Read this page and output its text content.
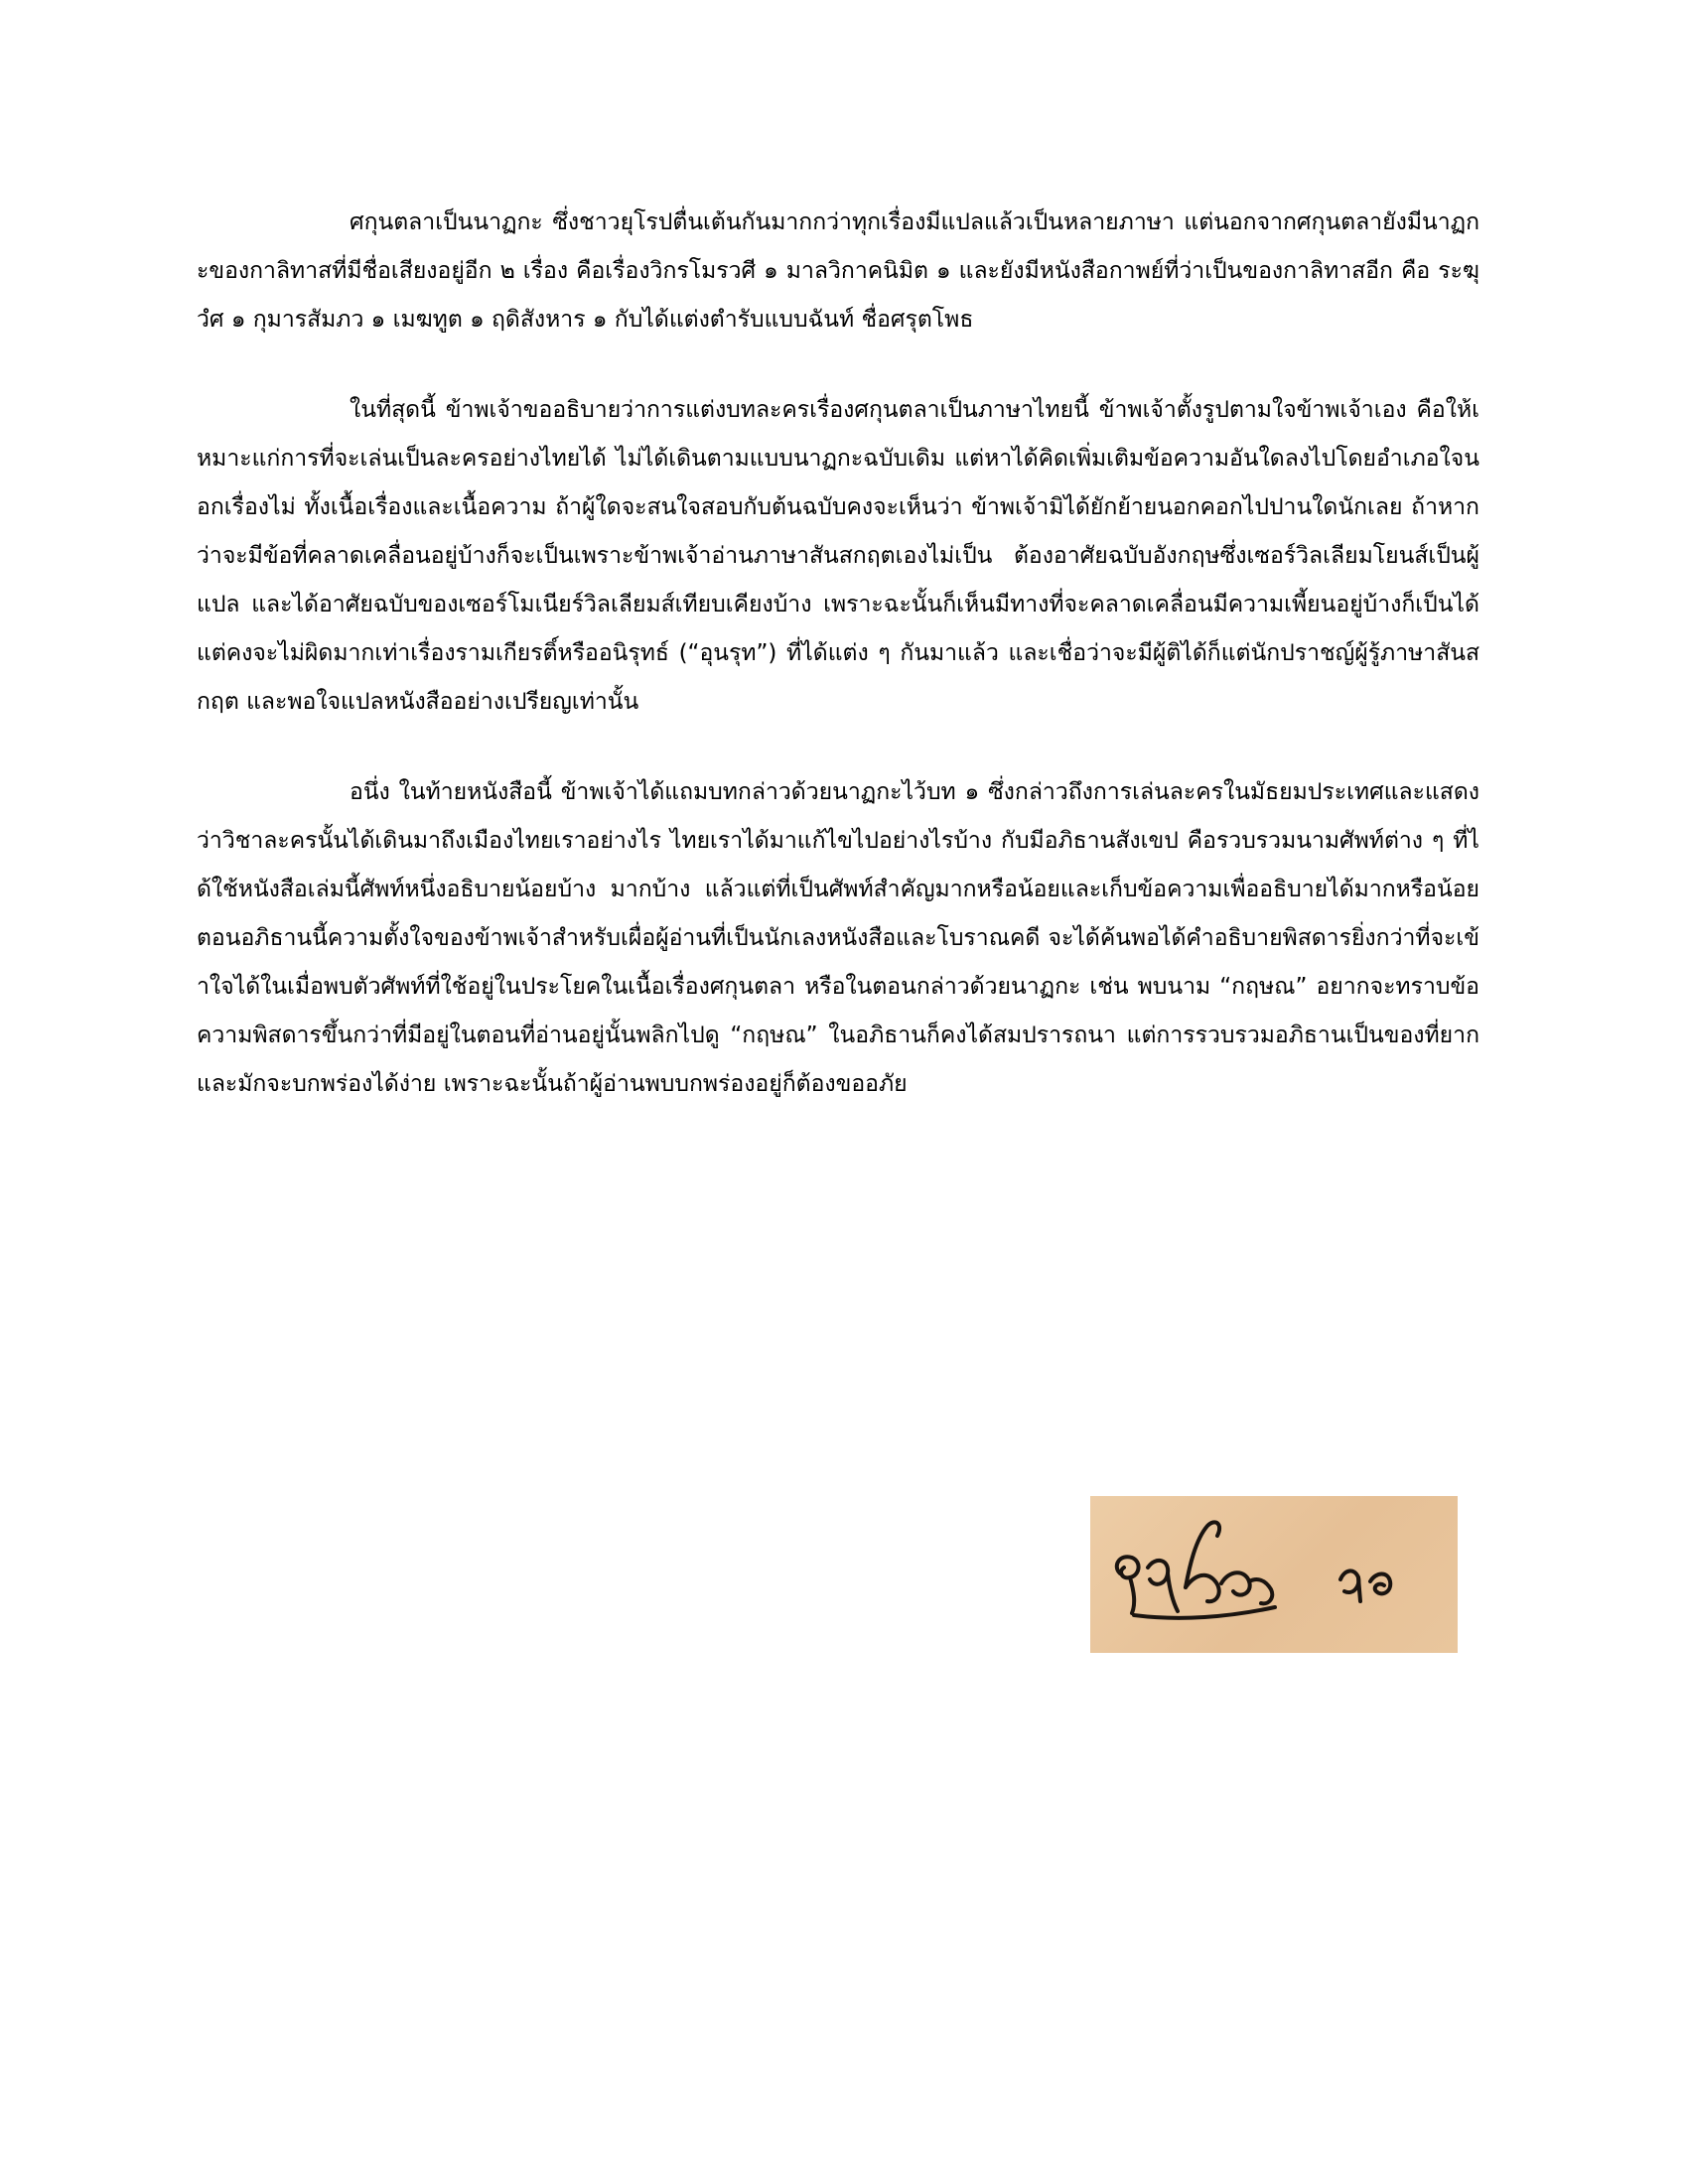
ศกุนตลาเป็นนาฏกะ ซึ่งชาวยุโรปตื่นเต้นกันมากกว่าทุกเรื่องมีแปลแล้วเป็นหลายภาษา แต่นอกจากศกุนตลายังมีนาฏกะของกาลิทาสที่มีชื่อเสียงอยู่อีก ๒ เรื่อง คือเรื่องวิกรโมรวศี ๑ มาลวิกาคนิมิต ๑ และยังมีหนังสือกาพย์ที่ว่าเป็นของกาลิทาสอีก คือ ระฆุวํศ ๑ กุมารสัมภว ๑ เมฆทูต ๑ ฤดิสังหาร ๑ กับได้แต่งตำรับแบบฉันท์ ชื่อศรุตโพธ

ในที่สุดนี้ ข้าพเจ้าขออธิบายว่าการแต่งบทละครเรื่องศกุนตลาเป็นภาษาไทยนี้ ข้าพเจ้าตั้งรูปตามใจข้าพเจ้าเอง คือให้เหมาะแก่การที่จะเล่นเป็นละครอย่างไทยได้ ไม่ได้เดินตามแบบนาฏกะฉบับเดิม แต่หาได้คิดเพิ่มเติมข้อความอันใดลงไปโดยอำเภอใจนอกเรื่องไม่ ทั้งเนื้อเรื่องและเนื้อความ ถ้าผู้ใดจะสนใจสอบกับต้นฉบับคงจะเห็นว่า ข้าพเจ้ามิได้ยักย้ายนอกคอกไปปานใดนักเลย ถ้าหากว่าจะมีข้อที่คลาดเคลื่อนอยู่บ้างก็จะเป็นเพราะข้าพเจ้าอ่านภาษาสันสกฤตเองไม่เป็น ต้องอาศัยฉบับอังกฤษซึ่งเซอร์วิลเลียมโยนส์เป็นผู้แปล และได้อาศัยฉบับของเซอร์โมเนียร์วิลเลียมส์เทียบเคียงบ้าง เพราะฉะนั้นก็เห็นมีทางที่จะคลาดเคลื่อนมีความเพี้ยนอยู่บ้างก็เป็นได้ แต่คงจะไม่ผิดมากเท่าเรื่องรามเกียรติ์หรืออนิรุทธ์ (“อุนรุท”) ที่ได้แต่ง ๆ กันมาแล้ว และเชื่อว่าจะมีผู้ติได้ก็แต่นักปราชญ์ผู้รู้ภาษาสันสกฤต และพอใจแปลหนังสืออย่างเปรียญเท่านั้น

อนึ่ง ในท้ายหนังสือนี้ ข้าพเจ้าได้แถมบทกล่าวด้วยนาฏกะไว้บท ๑ ซึ่งกล่าวถึงการเล่นละครในมัธยมประเทศและแสดงว่าวิชาละครนั้นได้เดินมาถึงเมืองไทยเราอย่างไร ไทยเราได้มาแก้ไขไปอย่างไรบ้าง กับมีอภิธานสังเขป คือรวบรวมนามศัพท์ต่าง ๆ ที่ได้ใช้หนังสือเล่มนี้ศัพท์หนึ่งอธิบายน้อยบ้าง มากบ้าง แล้วแต่ที่เป็นศัพท์สำคัญมากหรือน้อยและเก็บข้อความเพื่ออธิบายได้มากหรือน้อย ตอนอภิธานนี้ความตั้งใจของข้าพเจ้าสำหรับเผื่อผู้อ่านที่เป็นนักเลงหนังสือและโบราณคดี จะได้ค้นพอได้คำอธิบายพิสดารยิ่งกว่าที่จะเข้าใจได้ในเมื่อพบตัวศัพท์ที่ใช้อยู่ในประโยคในเนื้อเรื่องศกุนตลา หรือในตอนกล่าวด้วยนาฏกะ เช่น พบนาม “กฤษณ” อยากจะทราบข้อความพิสดารขึ้นกว่าที่มีอยู่ในตอนที่อ่านอยู่นั้นพลิกไปดู “กฤษณ” ในอภิธานก็คงได้สมปรารถนา แต่การรวบรวมอภิธานเป็นของที่ยากและมักจะบกพร่องได้ง่าย เพราะฉะนั้นถ้าผู้อ่านพบบกพร่องอยู่ก็ต้องขออภัย
